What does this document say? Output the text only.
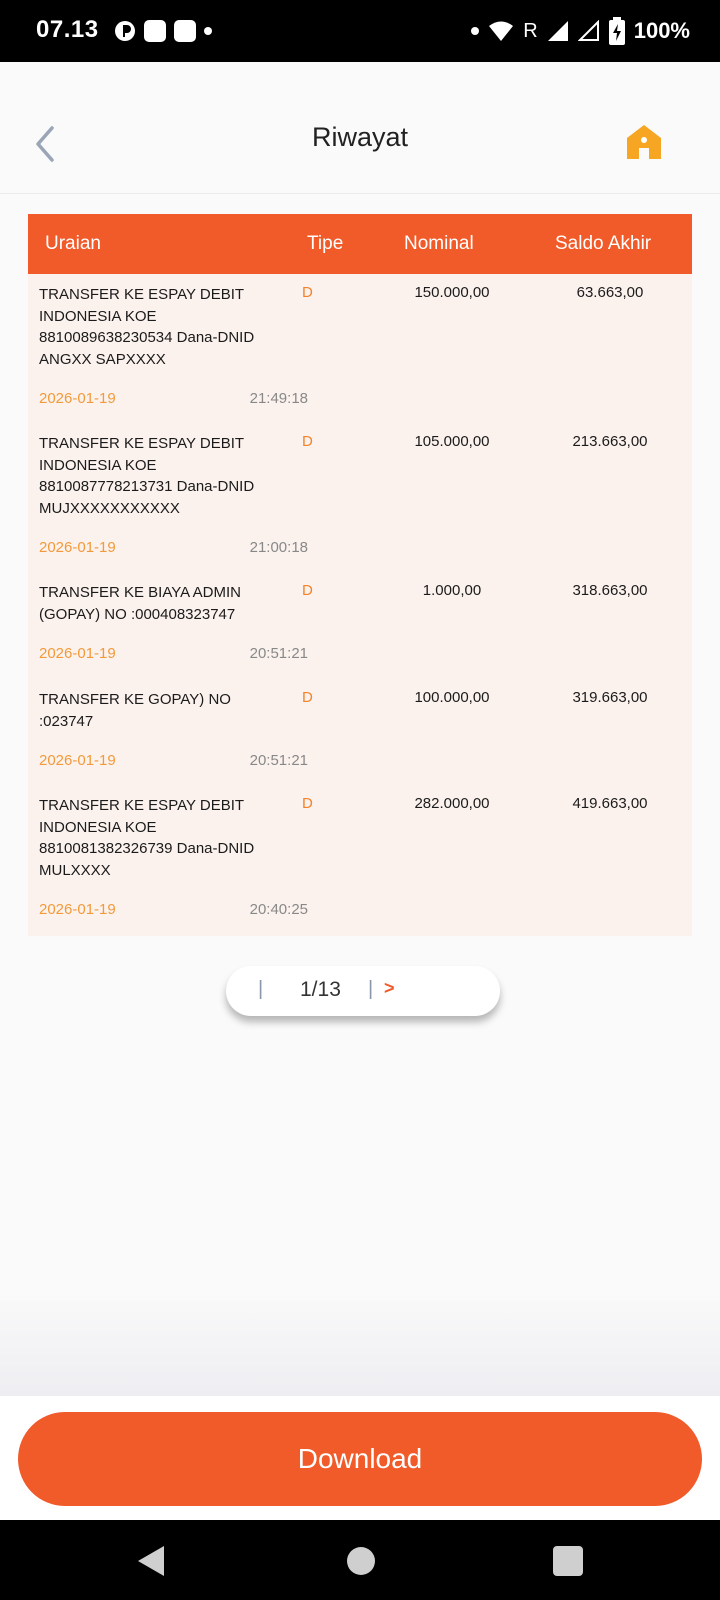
07.13	R	100%
Riwayat
Uraian	Tipe	Nominal	Saldo Akhir
TRANSFER KE ESPAY DEBIT
INDONESIA KOE
8810089638230534 Dana-DNID
ANGXX SAPXXXX
D	150.000,00	63.663,00
2026-01-19	21:49:18
TRANSFER KE ESPAY DEBIT
INDONESIA KOE
8810087778213731 Dana-DNID
MUJXXXXXXXXXXX
D	105.000,00	213.663,00
2026-01-19	21:00:18
TRANSFER KE BIAYA ADMIN
(GOPAY) NO :000408323747
D	1.000,00	318.663,00
2026-01-19	20:51:21
TRANSFER KE GOPAY) NO
:023747
D	100.000,00	319.663,00
2026-01-19	20:51:21
TRANSFER KE ESPAY DEBIT
INDONESIA KOE
8810081382326739 Dana-DNID
MULXXXX
D	282.000,00	419.663,00
2026-01-19	20:40:25
| 1/13 | >
Download
